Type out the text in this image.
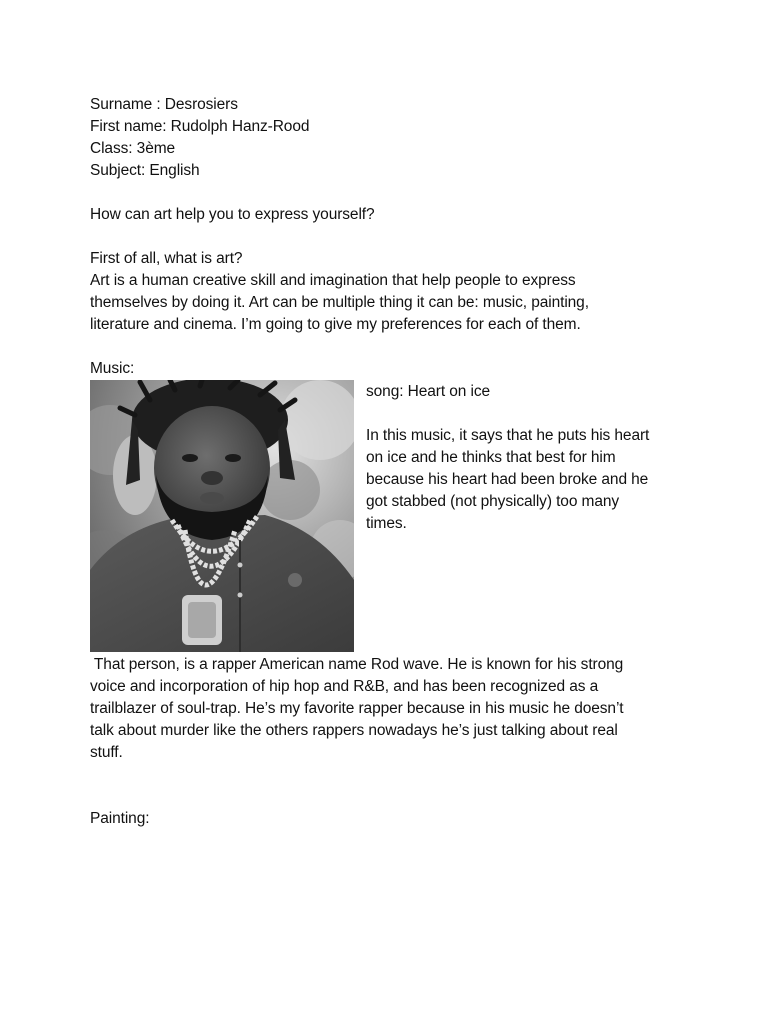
Surname : Desrosiers
First name: Rudolph Hanz-Rood
Class: 3ème
Subject: English
How can art help you to express yourself?
First of all, what is art?
Art is a human creative skill and imagination that help people to express
themselves by doing it. Art can be multiple thing it can be: music, painting,
literature and cinema. I’m going to give my preferences for each of them.
Music:
song: Heart on ice
In this music, it says that he puts his heart
on ice and he thinks that best for him
because his heart had been broke and he
got stabbed (not physically) too many
times.
That person, is a rapper American name Rod wave. He is known for his strong
voice and incorporation of hip hop and R&B, and has been recognized as a
trailblazer of soul-trap. He’s my favorite rapper because in his music he doesn’t
talk about murder like the others rappers nowadays he’s just talking about real
stuff.
Painting:
